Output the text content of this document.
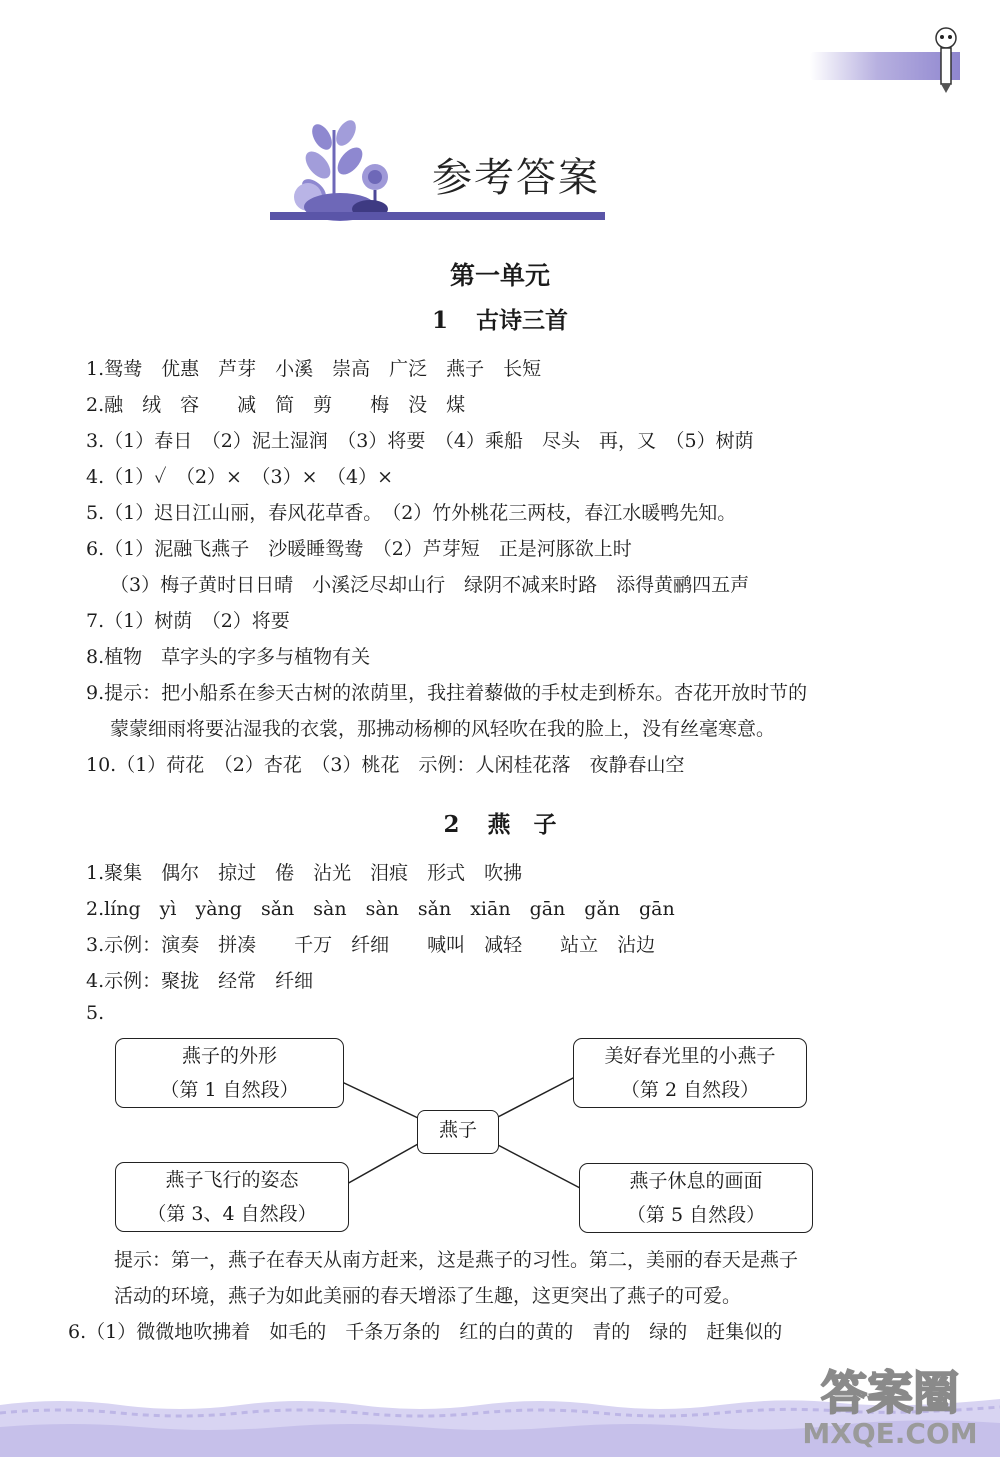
参考答案
参考答案
第一单元
1 古诗三首
1.鸳鸯　优惠　芦芽　小溪　崇高　广泛　燕子　长短
2.融　绒　容　　减　简　剪　　梅　没　煤
3.（1）春日　（2）泥土湿润　（3）将要　（4）乘船　尽头　再，又　（5）树荫
4.（1）✓　（2）×　（3）×　（4）×
5.（1）迟日江山丽，春风花草香。　（2）竹外桃花三两枝，春江水暖鸭先知。
6.（1）泥融飞燕子　沙暖睡鸳鸯　（2）芦芽短　正是河豚欲上时
（3）梅子黄时日日晴　小溪泛尽却山行　绿阴不减来时路　添得黄鹂四五声
7.（1）树荫　（2）将要
8.植物　草字头的字多与植物有关
9.提示：把小船系在参天古树的浓荫里，我拄着藜做的手杖走到桥东。杏花开放时节的
蒙蒙细雨将要沾湿我的衣裳，那拂动杨柳的风轻吹在我的脸上，没有丝毫寒意。
10.（1）荷花　（2）杏花　（3）桃花　示例：人闲桂花落　夜静春山空
2 燕　子
1.聚集　偶尔　掠过　倦　沾光　泪痕　形式　吹拂
2.líng　yì　yàng　sǎn　sàn　sàn　sǎn　xiān　gān　gǎn　gān
3.示例：演奏　拼凑　　千万　纤细　　喊叫　减轻　　站立　沾边
4.示例：聚拢　经常　纤细
5.
燕子的外形
（第 1 自然段）
美好春光里的小燕子
（第 2 自然段）
燕子飞行的姿态
（第 3、4 自然段）
燕子休息的画面
（第 5 自然段）
燕子
提示：第一，燕子在春天从南方赶来，这是燕子的习性。第二，美丽的春天是燕子
活动的环境，燕子为如此美丽的春天增添了生趣，这更突出了燕子的可爱。
6.（1）微微地吹拂着　如毛的　千条万条的　红的白的黄的　青的　绿的　赶集似的
答案圈
MXQE.COM
